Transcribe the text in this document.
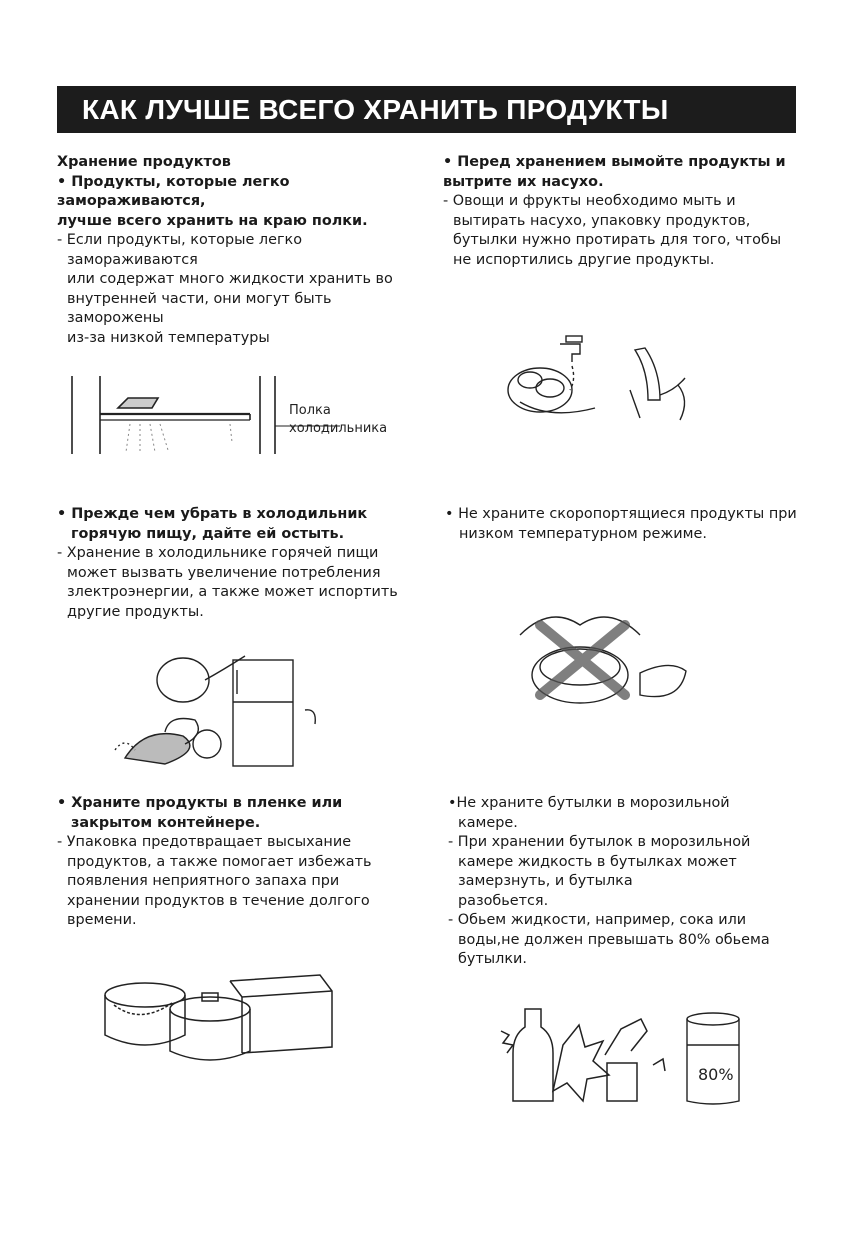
КАК ЛУЧШЕ ВСЕГО ХРАНИТЬ ПРОДУКТЫ
Хранение продуктов
• Продукты, которые легко
замораживаются,
лучше всего хранить на краю полки.
- Если продукты, которые легко
замораживаются
или содержат много жидкости хранить во
внутренней части, они могут быть
заморожены
из-за низкой температуры
Полка
холодильника
• Перед хранением вымойте продукты и
вытрите их насухо.
- Овощи и фрукты необходимо мыть и
вытирать насухо, упаковку продуктов,
бутылки нужно протирать для того, чтобы
не испортились другие продукты.
• Прежде чем убрать в холодильник
горячую пищу, дайте ей остыть.
- Хранение в холодильнике горячей пищи
может вызвать увеличение потребления
злектроэнергии, а также может испортить
другие продукты.
• Не храните скоропортящиеся продукты при
низком температурном режиме.
• Храните продукты в пленке или
закрытом контейнере.
- Упаковка предотвращает высыхание
продуктов, а также помогает избежать
появления неприятного запаха при
хранении продуктов в течение долгого
времени.
•Не храните бутылки в морозильной
камере.
- При хранении бутылок в морозильной
камере жидкость в бутылках может
замерзнуть, и бутылка
разобьется.
- Обьем жидкости, например, сока или
воды,не должен превышать 80% обьема
бутылки.
80%
